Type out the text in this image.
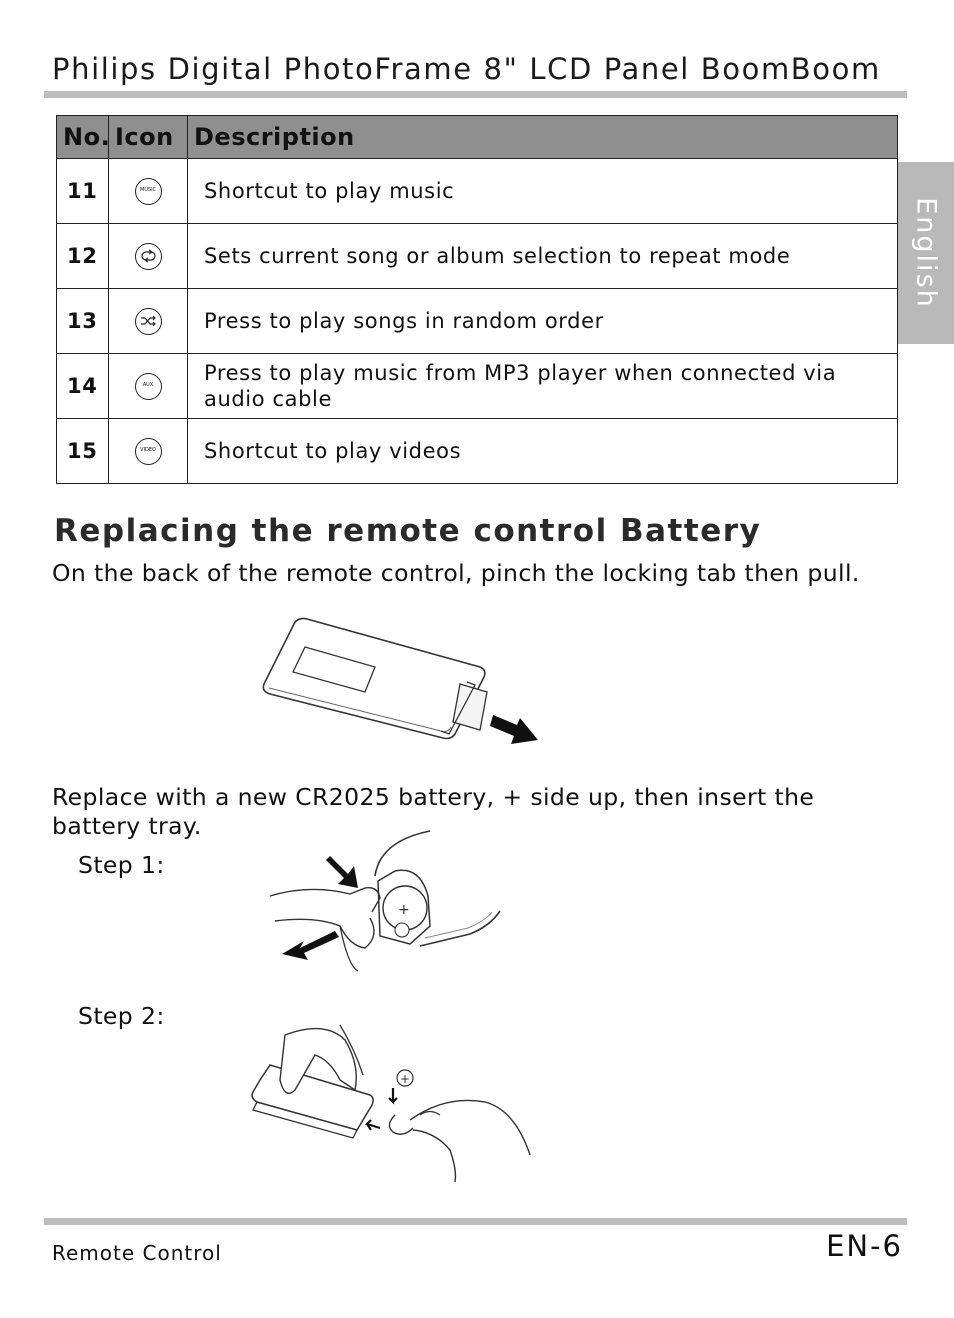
Philips Digital PhotoFrame 8" LCD Panel BoomBoom
English
No.	Icon	Description
11	MUSIC	Shortcut to play music
12		Sets current song or album selection to repeat mode
13		Press to play songs in random order
14	AUX	Press to play music from MP3 player when connected via audio cable
15	VIDEO	Shortcut to play videos
Replacing the remote control Battery
On the back of the remote control, pinch the locking tab then pull.
Replace with a new CR2025 battery, + side up, then insert the battery tray.
Step 1:
+
Step 2:
+
Remote Control	EN-6
